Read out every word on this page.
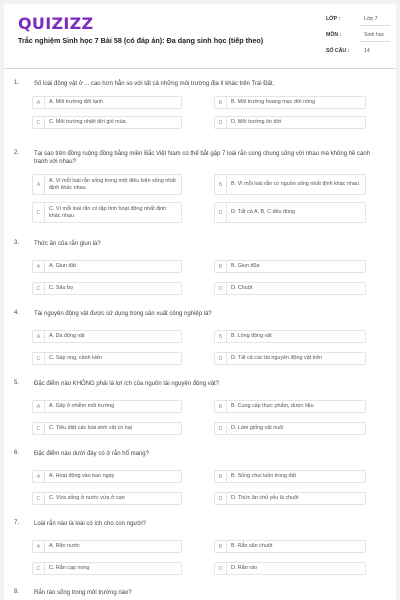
QUIZIZZ
Trắc nghiệm Sinh học 7 Bài 58 (có đáp án): Đa dạng sinh học (tiếp theo)
LỚP :	Lớp 7
MÔN :	Sinh học
SỐ CÂU :	14
1. Số loài động vật ở ... cao hơn hẳn so với tất cả những môi trường địa lí khác trên Trái Đất.
A	A. Môi trường đới lạnh	B	B. Môi trường hoang mạc đới nóng
C	C. Môi trường nhiệt đới gió mùa	D	D. Môi trường ôn đới
2. Tại sao trên đồng ruộng đồng bằng miền Bắc Việt Nam có thể bắt gặp 7 loài rắn cùng chung sống với nhau mà không hề cạnh tranh với nhau?
A
A. Vì mỗi loài rắn sống trong một điều kiện sống nhất định khác nhau	B	B. Vì mỗi loài rắn có nguồn sống nhất định khác nhau
C
C. Vì mỗi loài rắn có tập tính hoạt động nhất định khác nhau	D	D. Tất cả A, B, C đều đúng
3. Thức ăn của rắn giun là?
A	A. Giun đất	B	B. Giun đũa
C	C. Sâu bọ	D	D. Chuột
4. Tài nguyên động vật được sử dụng trong sản xuất công nghiệp là?
A	A. Da động vật	B	B. Lông động vật
C	C. Sáp ong, cánh kiến	D	D. Tất cả các tài nguyên động vật trên
5. Đặc điểm nào KHÔNG phải là lợi ích của nguồn tài nguyên động vật?
A	A. Gây ô nhiễm môi trường	B	B. Cung cấp thực phẩm, dược liệu
C	C. Tiêu diệt các loài sinh vật có hại	D	D. Làm giống vật nuôi
6. Đặc điểm nào dưới đây có ở rắn hổ mang?
A	A. Hoạt động vào ban ngày	B	B. Sống chui luồn trong đất
C	C. Vừa sống ở nước vừa ở cạn	D	D. Thức ăn chủ yếu là chuột
7. Loài rắn nào là loài có ích cho con người?
A	A. Rắn nước	B	B. Rắn săn chuột
C	C. Rắn cạp nong	D	D. Rắn ráo
8. Rắn ráo sống trong môi trường nào?
